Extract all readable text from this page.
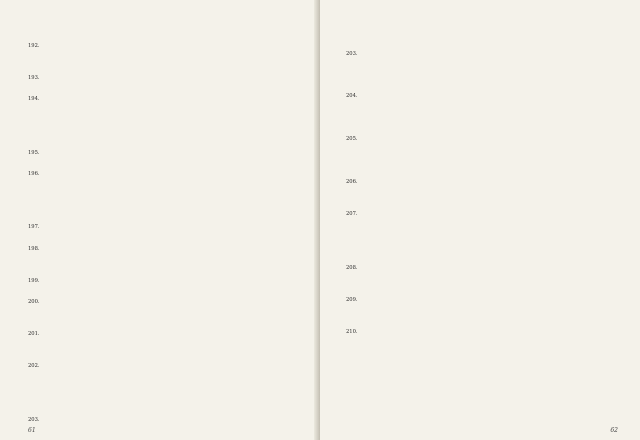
192.
193.
194.
195.
196.
197.
198.
199.
200.
201.
202.
203.
61
203.
204.
205.
206.
207.
208.
209.
210.
62
